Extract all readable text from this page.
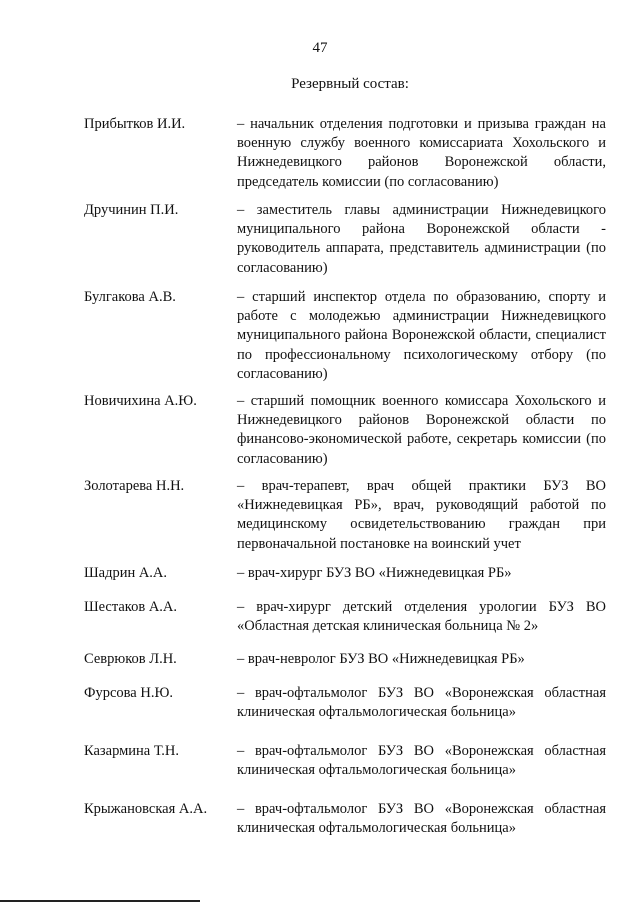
47
Резервный состав:
Прибытков И.И.	– начальник отделения подготовки и призыва граждан на военную службу военного комиссариата Хохольского и Нижнедевицкого районов Воронежской области, председатель комиссии (по согласованию)
Дручинин П.И.	– заместитель главы администрации Нижнедевицкого муниципального района Воронежской области - руководитель аппарата, представитель администрации (по согласованию)
Булгакова А.В.	– старший инспектор отдела по образованию, спорту и работе с молодежью администрации Нижнедевицкого муниципального района Воронежской области, специалист по профессиональному психологическому отбору (по согласованию)
Новичихина А.Ю.	– старший помощник военного комиссара Хохольского и Нижнедевицкого районов Воронежской области по финансово-экономической работе, секретарь комиссии (по согласованию)
Золотарева Н.Н.	– врач-терапевт, врач общей практики БУЗ ВО «Нижнедевицкая РБ», врач, руководящий работой по медицинскому освидетельствованию граждан при первоначальной постановке на воинский учет
Шадрин А.А.	– врач-хирург БУЗ ВО «Нижнедевицкая РБ»
Шестаков А.А.	– врач-хирург детский отделения урологии БУЗ ВО «Областная детская клиническая больница № 2»
Севрюков Л.Н.	– врач-невролог БУЗ ВО «Нижнедевицкая РБ»
Фурсова Н.Ю.	– врач-офтальмолог БУЗ ВО «Воронежская областная клиническая офтальмологическая больница»
Казармина Т.Н.	– врач-офтальмолог БУЗ ВО «Воронежская областная клиническая офтальмологическая больница»
Крыжановская А.А.	– врач-офтальмолог БУЗ ВО «Воронежская областная клиническая офтальмологическая больница»
